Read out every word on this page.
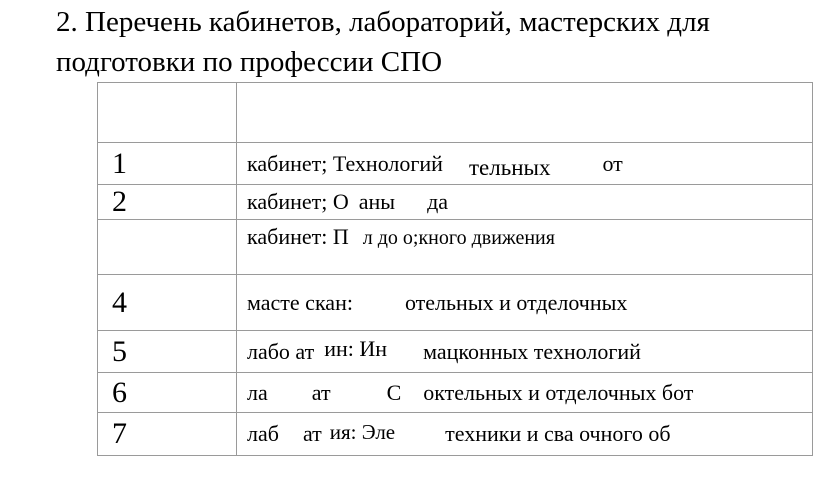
2. Перечень кабинетов, лабораторий, мастерских для
подготовки по профессии СПО

1	кабинет; Технологий тельных от
2	кабинет; О аны да
	кабинет: П л до о;кного движения
4	масте скан: отельных и отделочных
5	лабо ат ин: Ин мацконных технологий
6	ла ат С октельных и отделочных бот
7	лаб ат ия: Эле техники и сва очного об
